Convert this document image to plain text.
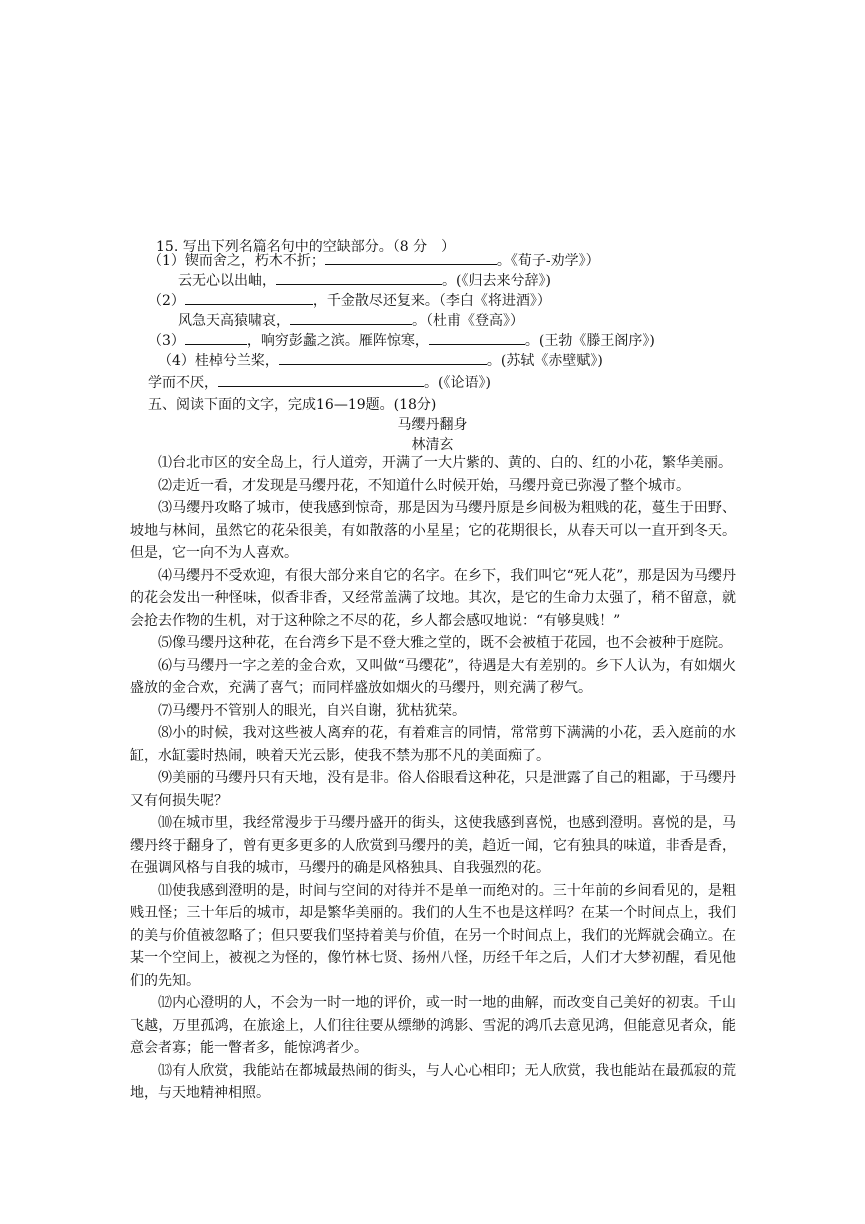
15. 写出下列名篇名句中的空缺部分。（8 分　）
（1）锲而舍之，朽木不折；	。《荀子-劝学》）
云无心以出岫，	。(《归去来兮辞》)
（2）	，千金散尽还复来。（李白《将进酒》）
风急天高猿啸哀，	。（杜甫《登高》）
（3）	，响穷彭蠡之滨。雁阵惊寒，	。(王勃《滕王阁序》)
（4）桂棹兮兰桨，	。(苏轼《赤壁赋》)
学而不厌，	。(《论语》)
五、阅读下面的文字，完成16—19题。(18分)
马缨丹翻身
林清玄

⑴台北市区的安全岛上，行人道旁，开满了一大片紫的、黄的、白的、红的小花，繁华美丽。

⑵走近一看，才发现是马缨丹花，不知道什么时候开始，马缨丹竟已弥漫了整个城市。

⑶马缨丹攻略了城市，使我感到惊奇，那是因为马缨丹原是乡间极为粗贱的花，蔓生于田野、坡地与林间，虽然它的花朵很美，有如散落的小星星；它的花期很长，从春天可以一直开到冬天。但是，它一向不为人喜欢。

⑷马缨丹不受欢迎，有很大部分来自它的名字。在乡下，我们叫它“死人花”，那是因为马缨丹的花会发出一种怪味，似香非香，又经常盖满了坟地。其次，是它的生命力太强了，稍不留意，就会抢去作物的生机，对于这种除之不尽的花，乡人都会感叹地说：“有够臭贱！”

⑸像马缨丹这种花，在台湾乡下是不登大雅之堂的，既不会被植于花园，也不会被种于庭院。

⑹与马缨丹一字之差的金合欢，又叫做“马缨花”，待遇是大有差别的。乡下人认为，有如烟火盛放的金合欢，充满了喜气；而同样盛放如烟火的马缨丹，则充满了秽气。

⑺马缨丹不管别人的眼光，自兴自谢，犹枯犹荣。

⑻小的时候，我对这些被人离弃的花，有着难言的同情，常常剪下满满的小花，丢入庭前的水缸，水缸霎时热闹，映着天光云影，使我不禁为那不凡的美面痴了。

⑼美丽的马缨丹只有天地，没有是非。俗人俗眼看这种花，只是泄露了自己的粗鄙，于马缨丹又有何损失呢？

⑽在城市里，我经常漫步于马缨丹盛开的街头，这使我感到喜悦，也感到澄明。喜悦的是，马缨丹终于翻身了，曾有更多更多的人欣赏到马缨丹的美，趋近一闻，它有独具的味道，非香是香，在强调风格与自我的城市，马缨丹的确是风格独具、自我强烈的花。

⑾使我感到澄明的是，时间与空间的对待并不是单一而绝对的。三十年前的乡间看见的，是粗贱丑怪；三十年后的城市，却是繁华美丽的。我们的人生不也是这样吗？在某一个时间点上，我们的美与价值被忽略了；但只要我们坚持着美与价值，在另一个时间点上，我们的光辉就会确立。在某一个空间上，被视之为怪的，像竹林七贤、扬州八怪，历经千年之后，人们才大梦初醒，看见他们的先知。

⑿内心澄明的人，不会为一时一地的评价，或一时一地的曲解，而改变自己美好的初衷。千山飞越，万里孤鸿，在旅途上，人们往往要从缥缈的鸿影、雪泥的鸿爪去意见鸿，但能意见者众，能意会者寡；能一瞥者多，能惊鸿者少。

⒀有人欣赏，我能站在都城最热闹的街头，与人心心相印；无人欣赏，我也能站在最孤寂的荒地，与天地精神相照。
